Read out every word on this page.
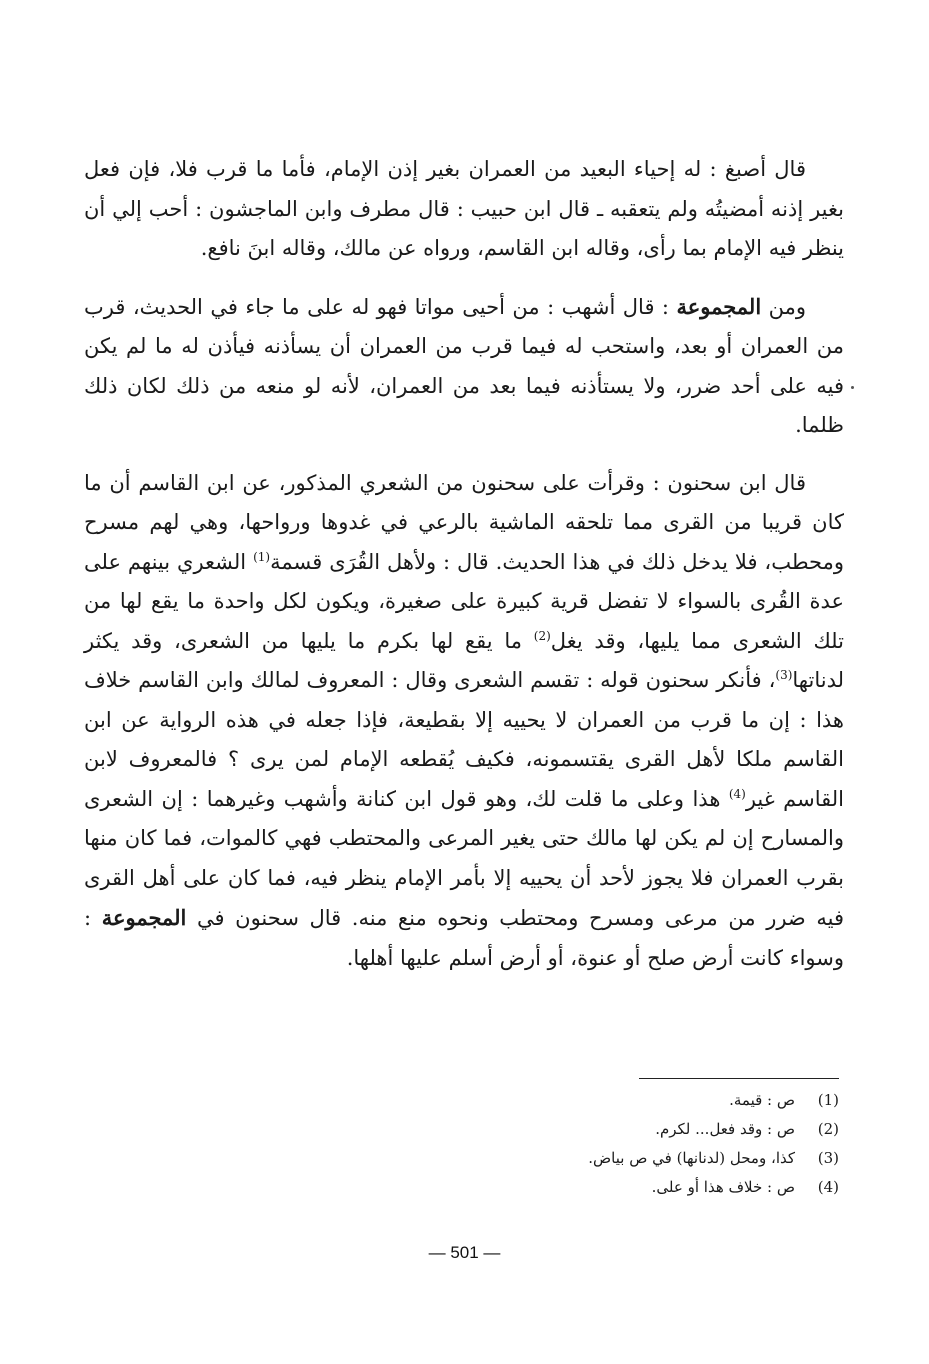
قال أصبغ : له إحياء البعيد من العمران بغير إذن الإمام، فأما ما قرب فلا، فإن فعل بغير إذنه أمضيتُه ولم يتعقبه ـ قال ابن حبيب : قال مطرف وابن الماجشون : أحب إلي أن ينظر فيه الإمام بما رأى، وقاله ابن القاسم، ورواه عن مالك، وقاله ابنَ نافع.

ومن المجموعة : قال أشهب : من أحيى مواتا فهو له على ما جاء في الحديث، قرب من العمران أو بعد، واستحب له فيما قرب من العمران أن يسأذنه فيأذن له ما لم يكن فيه على أحد ضرر، ولا يستأذنه فيما بعد من العمران، لأنه لو منعه من ذلك لكان ذلك ظلما.

قال ابن سحنون : وقرأت على سحنون من الشعري المذكور، عن ابن القاسم أن ما كان قريبا من القرى مما تلحقه الماشية بالرعي في غدوها ورواحها، وهي لهم مسرح ومحطب، فلا يدخل ذلك في هذا الحديث. قال : ولأهل القُرَى قسمة$^{(1)}$ الشعري بينهم على عدة القُرى بالسواء لا تفضل قرية كبيرة على صغيرة، ويكون لكل واحدة ما يقع لها من تلك الشعرى مما يليها، وقد يغل$^{(2)}$ ما يقع لها بكرم ما يليها من الشعرى، وقد يكثر لدناتها$^{(3)}$، فأنكر سحنون قوله : تقسم الشعرى وقال : المعروف لمالك وابن القاسم خلاف هذا : إن ما قرب من العمران لا يحييه إلا بقطيعة، فإذا جعله في هذه الرواية عن ابن القاسم ملكا لأهل القرى يقتسمونه، فكيف يُقطعه الإمام لمن يرى ؟ فالمعروف لابن القاسم غير$^{(4)}$ هذا وعلى ما قلت لك، وهو قول ابن كنانة وأشهب وغيرهما : إن الشعرى والمسارح إن لم يكن لها مالك حتى يغير المرعى والمحتطب فهي كالموات، فما كان منها بقرب العمران فلا يجوز لأحد أن يحييه إلا بأمر الإمام ينظر فيه، فما كان على أهل القرى فيه ضرر من مرعى ومسرح ومحتطب ونحوه منع منه. قال سحنون في المجموعة : وسواء كانت أرض صلح أو عنوة، أو أرض أسلم عليها أهلها.

(1)
ص : قيمة.

(2)
ص : وقد فعل... لكرم.

(3)
كذا، ومحل (لدنانها) في ص بياض.

(4)
ص : خلاف هذا أو على.

— 501 —
